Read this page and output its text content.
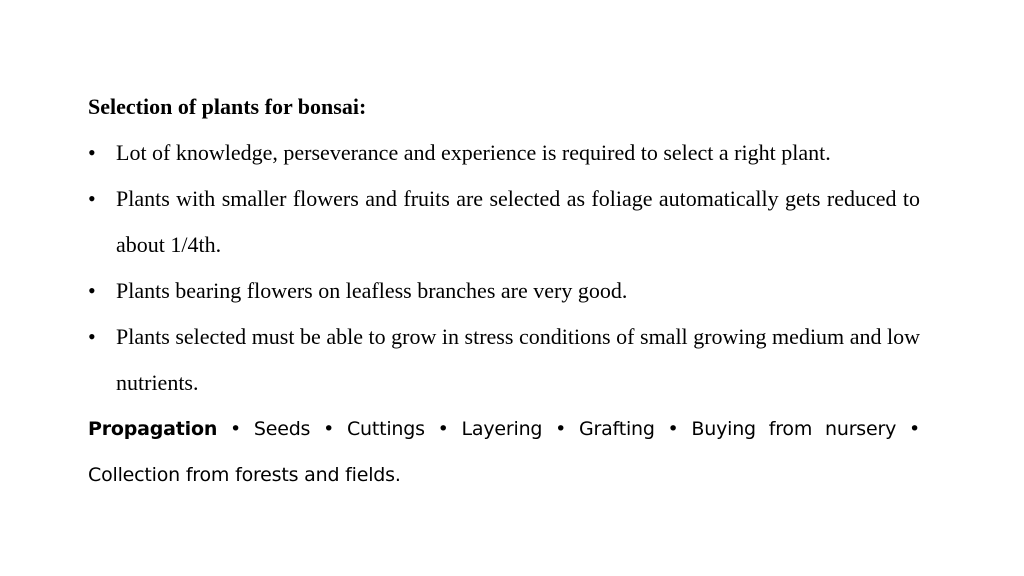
Selection of plants for bonsai:
• Lot of knowledge, perseverance and experience is required to select a right plant.
• Plants with smaller flowers and fruits are selected as foliage automatically gets reduced to about 1/4th.
• Plants bearing flowers on leafless branches are very good.
• Plants selected must be able to grow in stress conditions of small growing medium and low nutrients.
Propagation • Seeds • Cuttings • Layering • Grafting • Buying from nursery • Collection from forests and fields.
